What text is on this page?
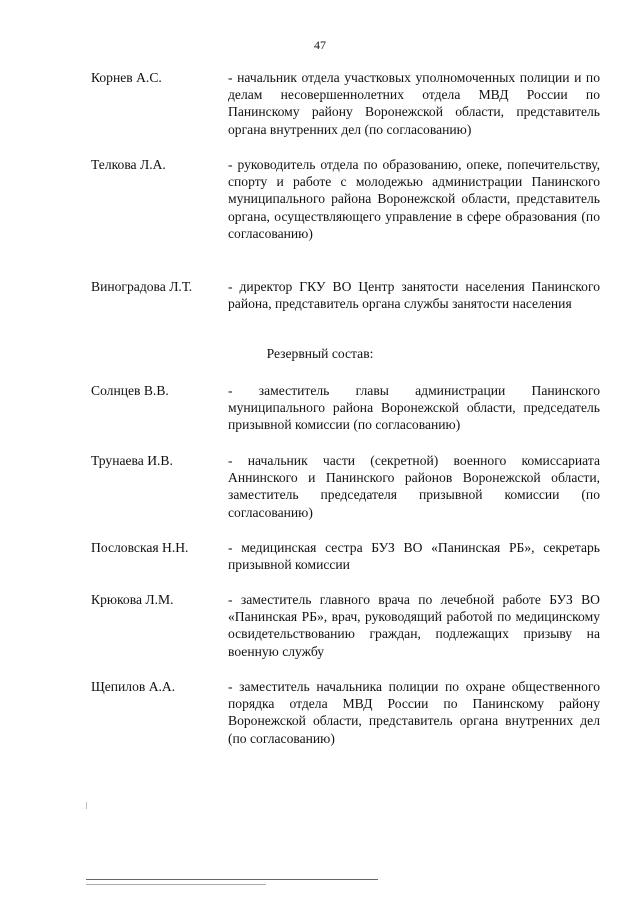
47
Корнев А.С.	- начальник отдела участковых уполномоченных полиции и по делам несовершеннолетних отдела МВД России по Панинскому району Воронежской области, представитель органа внутренних дел (по согласованию)
Телкова Л.А.	- руководитель отдела по образованию, опеке, попечительству, спорту и работе с молодежью администрации Панинского муниципального района Воронежской области, представитель органа, осуществляющего управление в сфере образования (по согласованию)
Виноградова Л.Т.	- директор ГКУ ВО Центр занятости населения Панинского района, представитель органа службы занятости населения
Резервный состав:
Солнцев В.В.	- заместитель главы администрации Панинского муниципального района Воронежской области, председатель призывной комиссии (по согласованию)
Трунаева И.В.	- начальник части (секретной) военного комиссариата Аннинского и Панинского районов Воронежской области, заместитель председателя призывной комиссии (по согласованию)
Пословская Н.Н.	- медицинская сестра БУЗ ВО «Панинская РБ», секретарь призывной комиссии
Крюкова Л.М.	- заместитель главного врача по лечебной работе БУЗ ВО «Панинская РБ», врач, руководящий работой по медицинскому освидетельствованию граждан, подлежащих призыву на военную службу
Щепилов А.А.	- заместитель начальника полиции по охране общественного порядка отдела МВД России по Панинскому району Воронежской области, представитель органа внутренних дел (по согласованию)
